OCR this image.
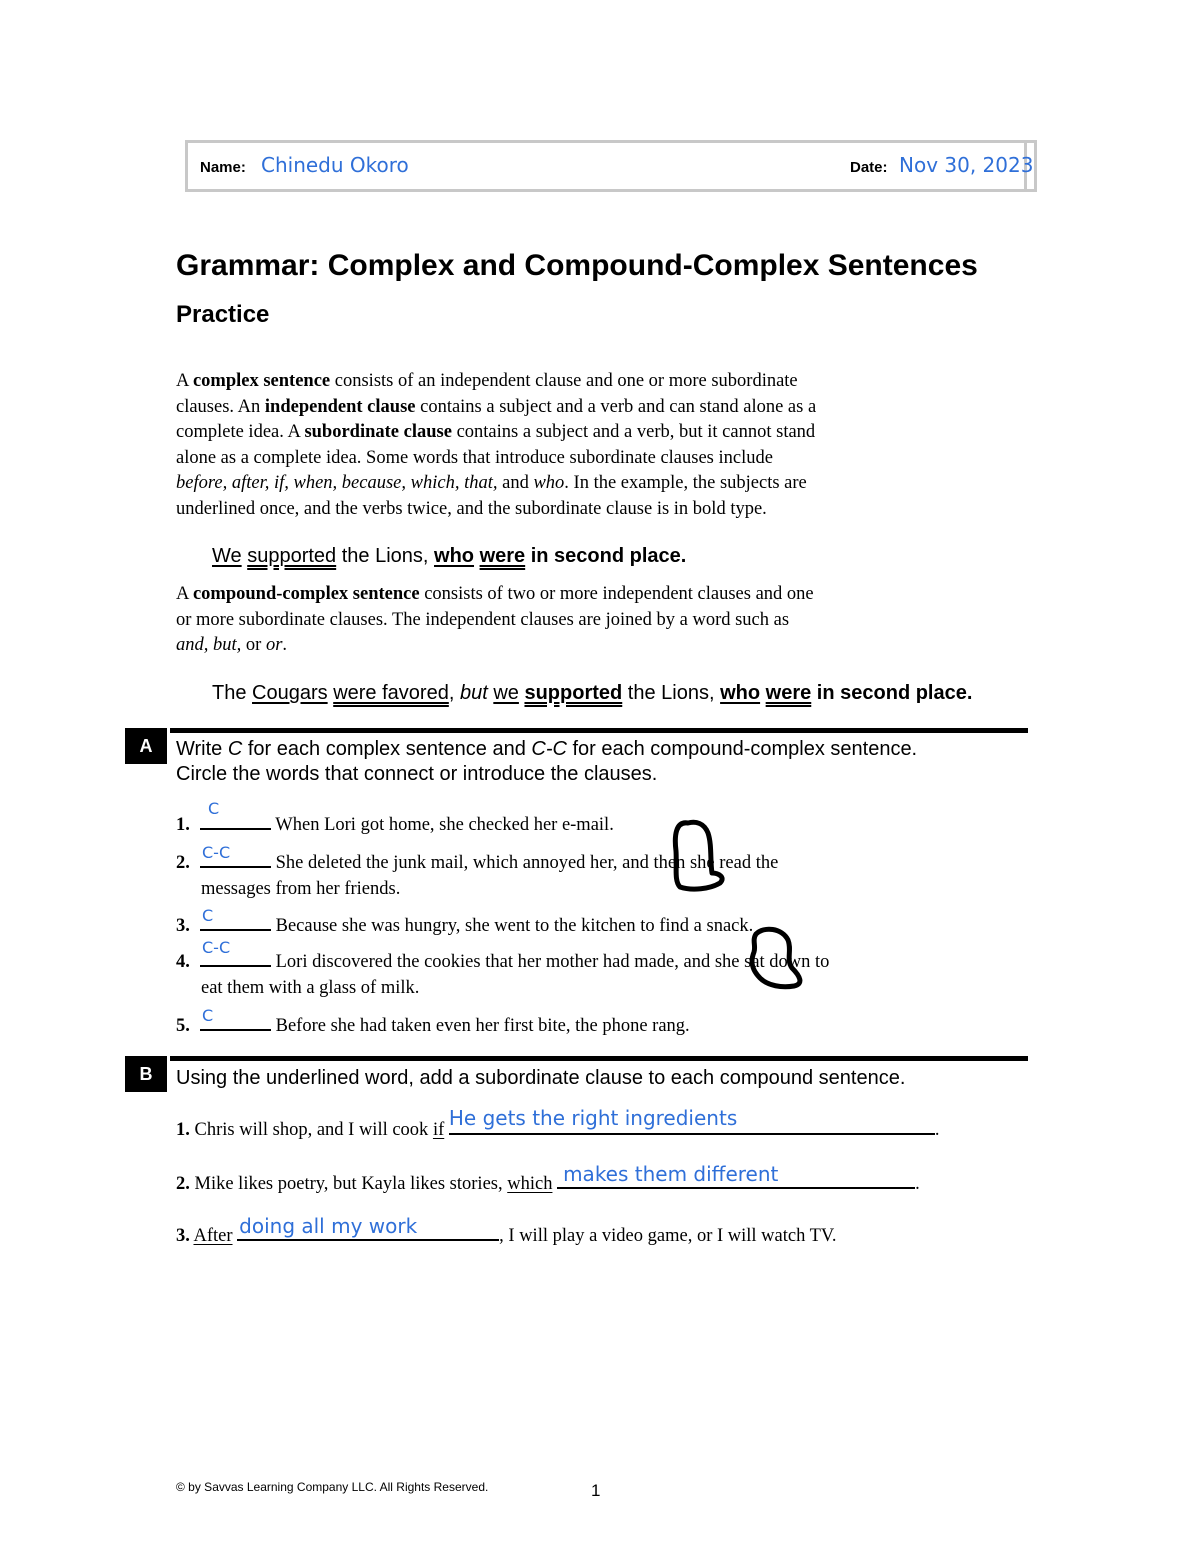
Name: Chinedu Okoro	Date: Nov 30, 2023
Grammar: Complex and Compound-Complex Sentences
Practice

A complex sentence consists of an independent clause and one or more subordinate

clauses. An independent clause contains a subject and a verb and can stand alone as a

complete idea. A subordinate clause contains a subject and a verb, but it cannot stand

alone as a complete idea. Some words that introduce subordinate clauses include

before, after, if, when, because, which, that, and who. In the example, the subjects are

underlined once, and the verbs twice, and the subordinate clause is in bold type.

We supported the Lions, who were in second place.

A compound-complex sentence consists of two or more independent clauses and one

or more subordinate clauses. The independent clauses are joined by a word such as

and, but, or or.

The Cougars were favored, but we supported the Lions, who were in second place.
A	Write C for each complex sentence and C-C for each compound-complex sentence.
Circle the words that connect or introduce the clauses.
1.
C
When Lori got home, she checked her e-mail.
2.
C-C
She deleted the junk mail, which annoyed her, and then she read the
messages from her friends.
3.
C
Because she was hungry, she went to the kitchen to find a snack.
4.
C-C
Lori discovered the cookies that her mother had made, and she sat down to
eat them with a glass of milk.
5.
C
Before she had taken even her first bite, the phone rang.
B	Using the underlined word, add a subordinate clause to each compound sentence.
1. Chris will shop, and I will cook if He gets the right ingredients	.
2. Mike likes poetry, but Kayla likes stories, which makes them different	.
3. After doing all my work	, I will play a video game, or I will watch TV.
© by Savvas Learning Company LLC. All Rights Reserved.	1
